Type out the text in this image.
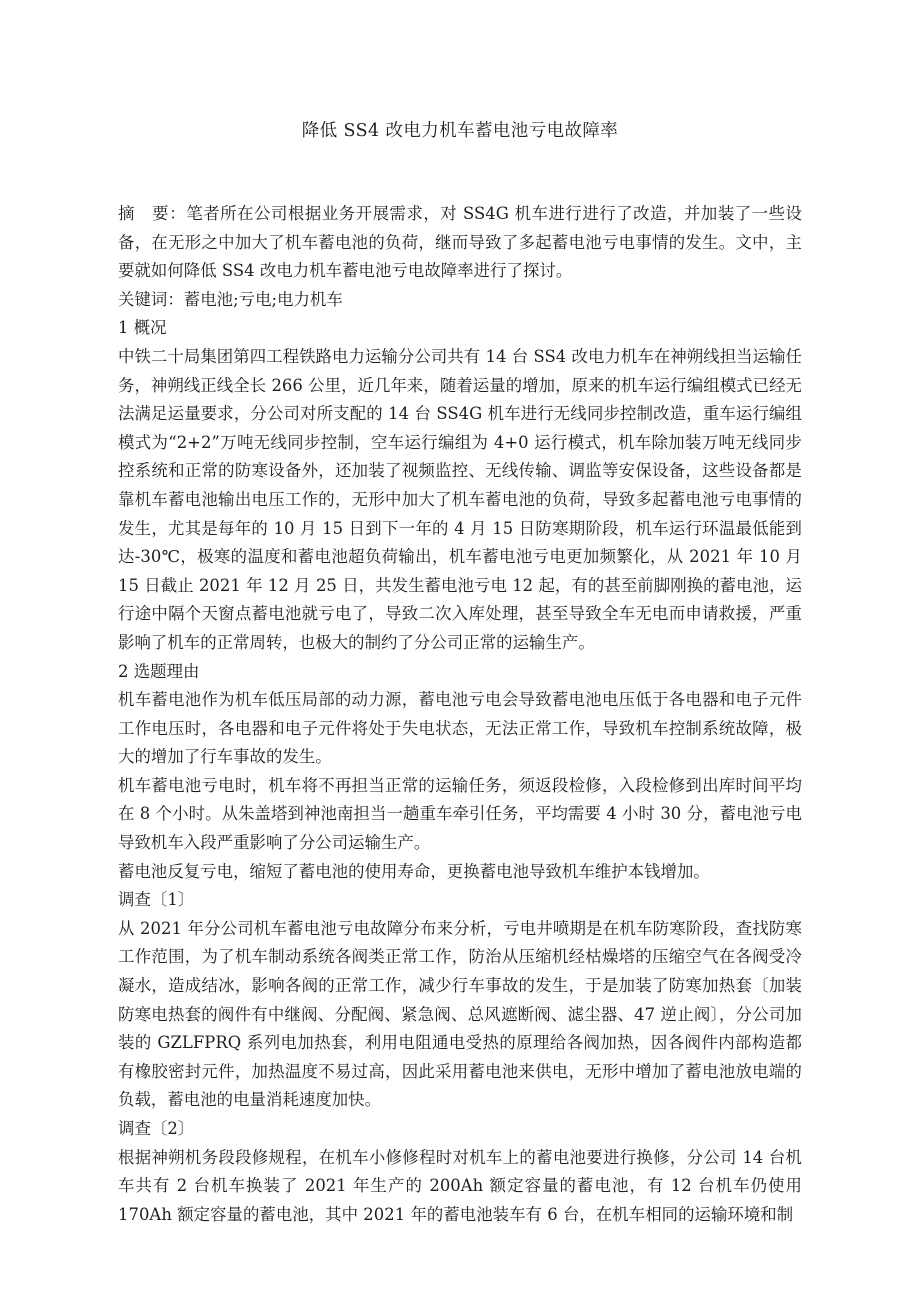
降低 SS4 改电力机车蓄电池亏电故障率

摘　要：笔者所在公司根据业务开展需求，对 SS4G 机车进行进行了改造，并加装了一些设备，在无形之中加大了机车蓄电池的负荷，继而导致了多起蓄电池亏电事情的发生。文中，主要就如何降低 SS4 改电力机车蓄电池亏电故障率进行了探讨。

关键词：蓄电池;亏电;电力机车

1 概况

中铁二十局集团第四工程铁路电力运输分公司共有 14 台 SS4 改电力机车在神朔线担当运输任务，神朔线正线全长 266 公里，近几年来，随着运量的增加，原来的机车运行编组模式已经无法满足运量要求，分公司对所支配的 14 台 SS4G 机车进行无线同步控制改造，重车运行编组模式为“2+2”万吨无线同步控制，空车运行编组为 4+0 运行模式，机车除加装万吨无线同步控系统和正常的防寒设备外，还加装了视频监控、无线传输、调监等安保设备，这些设备都是靠机车蓄电池输出电压工作的，无形中加大了机车蓄电池的负荷，导致多起蓄电池亏电事情的发生，尤其是每年的 10 月 15 日到下一年的 4 月 15 日防寒期阶段，机车运行环温最低能到达-30℃，极寒的温度和蓄电池超负荷输出，机车蓄电池亏电更加频繁化，从 2021 年 10 月 15 日截止 2021 年 12 月 25 日，共发生蓄电池亏电 12 起，有的甚至前脚刚换的蓄电池，运行途中隔个天窗点蓄电池就亏电了，导致二次入库处理，甚至导致全车无电而申请救援，严重影响了机车的正常周转，也极大的制约了分公司正常的运输生产。

2 选题理由

机车蓄电池作为机车低压局部的动力源，蓄电池亏电会导致蓄电池电压低于各电器和电子元件工作电压时，各电器和电子元件将处于失电状态，无法正常工作，导致机车控制系统故障，极大的增加了行车事故的发生。

机车蓄电池亏电时，机车将不再担当正常的运输任务，须返段检修，入段检修到出库时间平均在 8 个小时。从朱盖塔到神池南担当一趟重车牵引任务，平均需要 4 小时 30 分，蓄电池亏电导致机车入段严重影响了分公司运输生产。

蓄电池反复亏电，缩短了蓄电池的使用寿命，更换蓄电池导致机车维护本钱增加。

调查〔1〕

从 2021 年分公司机车蓄电池亏电故障分布来分析，亏电井喷期是在机车防寒阶段，查找防寒工作范围，为了机车制动系统各阀类正常工作，防治从压缩机经枯燥塔的压缩空气在各阀受冷凝水，造成结冰，影响各阀的正常工作，减少行车事故的发生，于是加装了防寒加热套〔加装防寒电热套的阀件有中继阀、分配阀、紧急阀、总风遮断阀、滤尘器、47 逆止阀〕，分公司加装的 GZLFPRQ 系列电加热套，利用电阻通电受热的原理给各阀加热，因各阀件内部构造都有橡胶密封元件，加热温度不易过高，因此采用蓄电池来供电，无形中增加了蓄电池放电端的负载，蓄电池的电量消耗速度加快。

调查〔2〕

根据神朔机务段段修规程，在机车小修修程时对机车上的蓄电池要进行换修，分公司 14 台机车共有 2 台机车换装了 2021 年生产的 200Ah 额定容量的蓄电池，有 12 台机车仍使用 170Ah 额定容量的蓄电池，其中 2021 年的蓄电池装车有 6 台，在机车相同的运输环境和制
